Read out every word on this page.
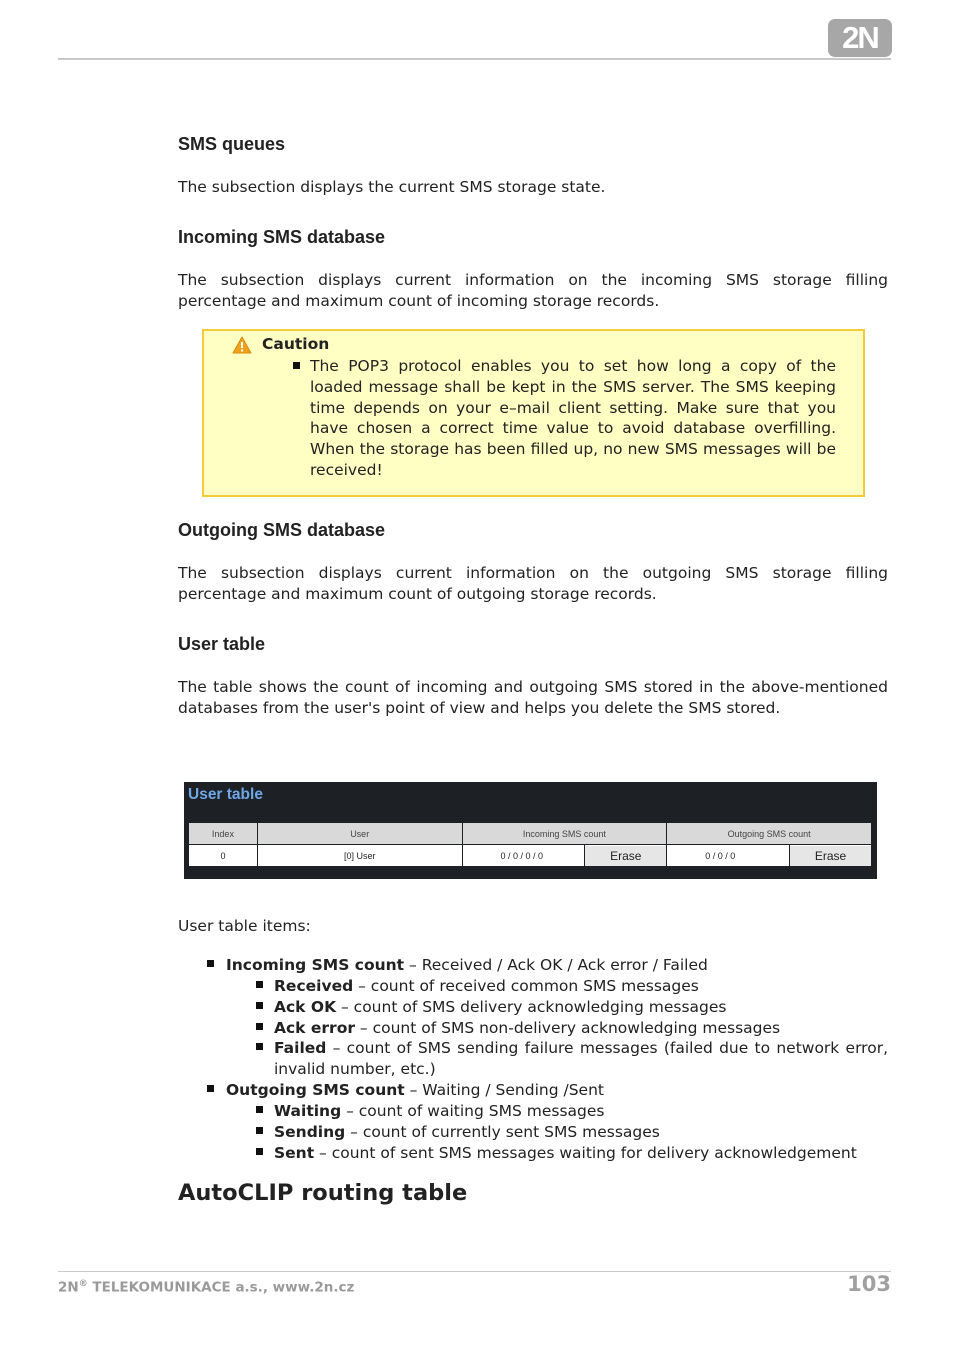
2N
SMS queues

The subsection displays the current SMS storage state.

Incoming SMS database

The subsection displays current information on the incoming SMS storage filling percentage and maximum count of incoming storage records.

Caution
The POP3 protocol enables you to set how long a copy of the loaded message shall be kept in the SMS server. The SMS keeping time depends on your e–mail client setting. Make sure that you have chosen a correct time value to avoid database overfilling. When the storage has been filled up, no new SMS messages will be received!
Outgoing SMS database

The subsection displays current information on the outgoing SMS storage filling percentage and maximum count of outgoing storage records.

User table

The table shows the count of incoming and outgoing SMS stored in the above-mentioned databases from the user's point of view and helps you delete the SMS stored.

User table
Index	User	Incoming SMS count		Outgoing SMS count	
0	[0] User	0 / 0 / 0 / 0	Erase	0 / 0 / 0	Erase

User table items:

Incoming SMS count – Received / Ack OK / Ack error / Failed
Received – count of received common SMS messages
Ack OK – count of SMS delivery acknowledging messages
Ack error – count of SMS non-delivery acknowledging messages
Failed – count of SMS sending failure messages (failed due to network error, invalid number, etc.)
Outgoing SMS count – Waiting / Sending /Sent
Waiting – count of waiting SMS messages
Sending – count of currently sent SMS messages
Sent – count of sent SMS messages waiting for delivery acknowledgement
AutoCLIP routing table
2N® TELEKOMUNIKACE a.s., www.2n.cz	103
